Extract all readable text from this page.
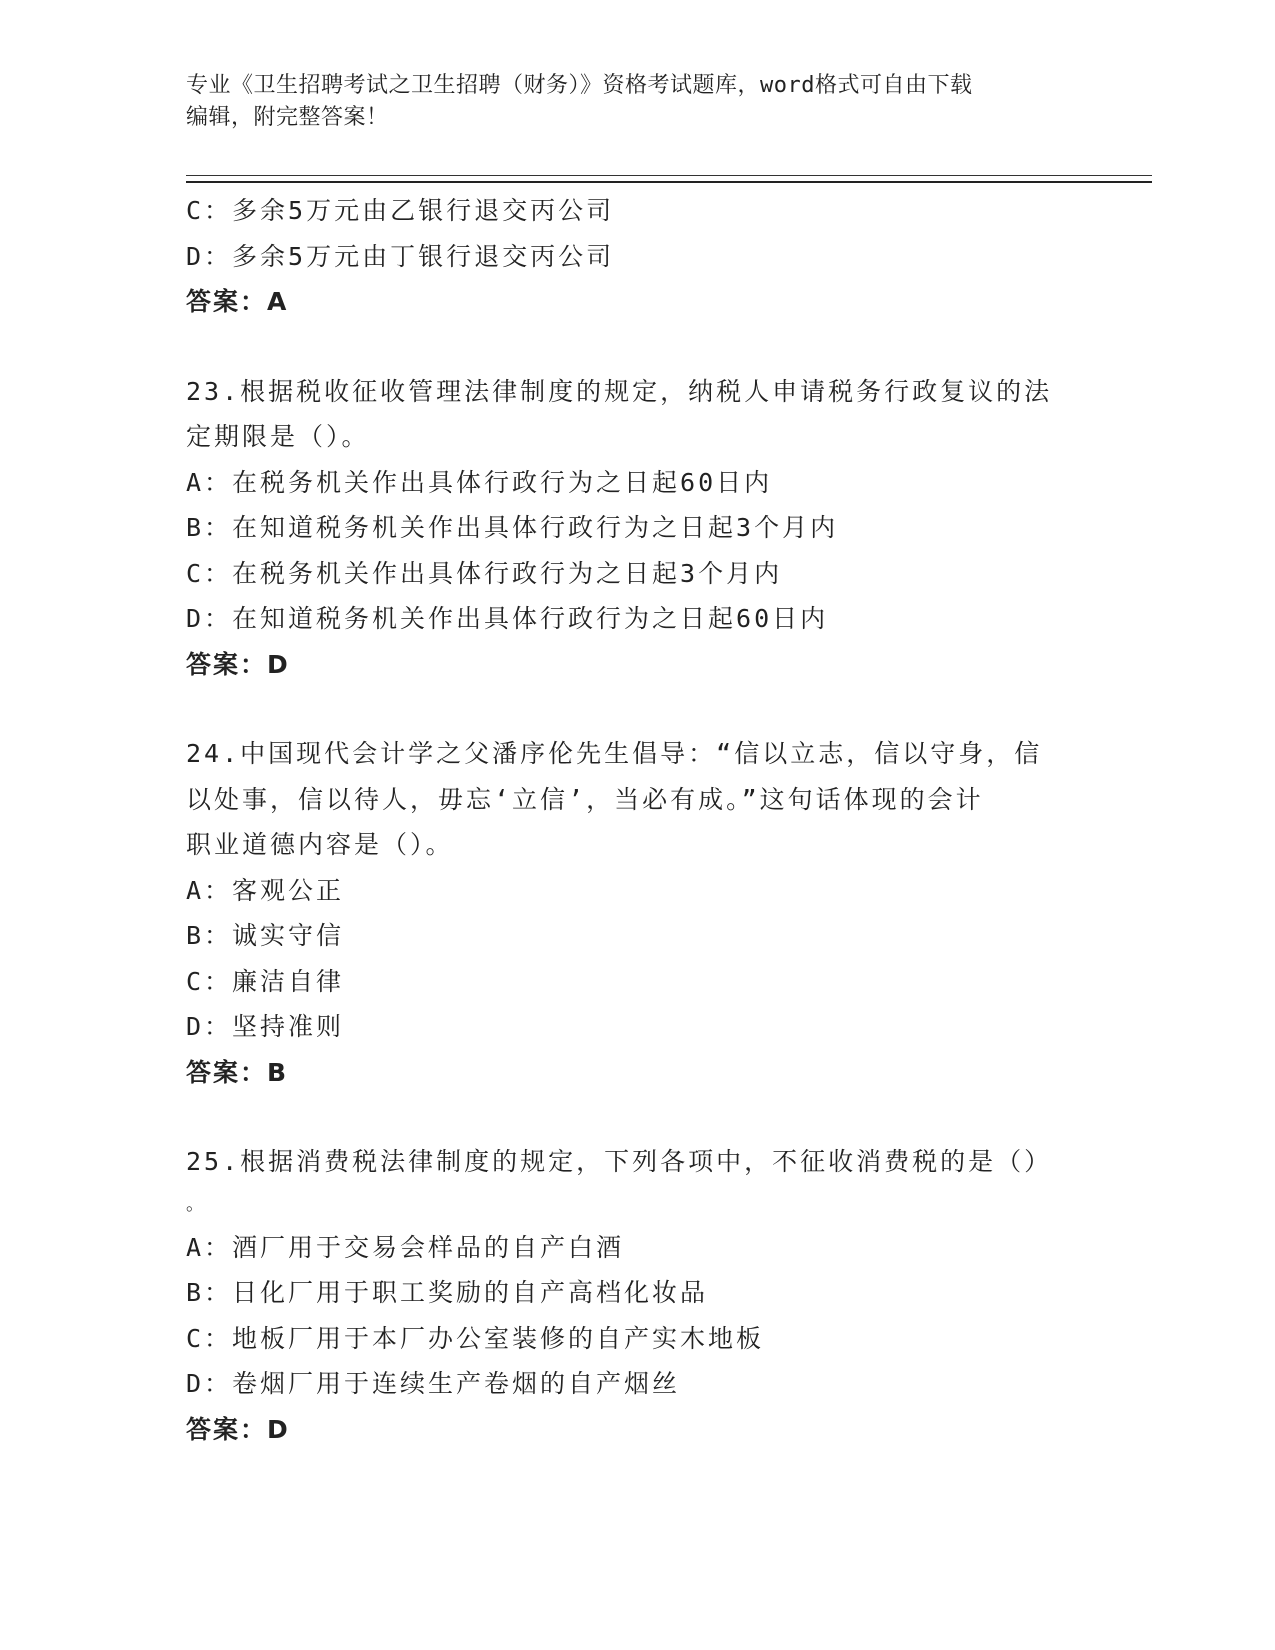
专业《卫生招聘考试之卫生招聘（财务）》资格考试题库，word格式可自由下载
编辑，附完整答案！
C：多余5万元由乙银行退交丙公司
D：多余5万元由丁银行退交丙公司
答案：A
23.根据税收征收管理法律制度的规定，纳税人申请税务行政复议的法
定期限是（）。
A：在税务机关作出具体行政行为之日起60日内
B：在知道税务机关作出具体行政行为之日起3个月内
C：在税务机关作出具体行政行为之日起3个月内
D：在知道税务机关作出具体行政行为之日起60日内
答案：D
24.中国现代会计学之父潘序伦先生倡导：“信以立志，信以守身，信
以处事，信以待人，毋忘‘立信’，当必有成。”这句话体现的会计
职业道德内容是（）。
A：客观公正
B：诚实守信
C：廉洁自律
D：坚持准则
答案：B
25.根据消费税法律制度的规定，下列各项中，不征收消费税的是（）
。
A：酒厂用于交易会样品的自产白酒
B：日化厂用于职工奖励的自产高档化妆品
C：地板厂用于本厂办公室装修的自产实木地板
D：卷烟厂用于连续生产卷烟的自产烟丝
答案：D
